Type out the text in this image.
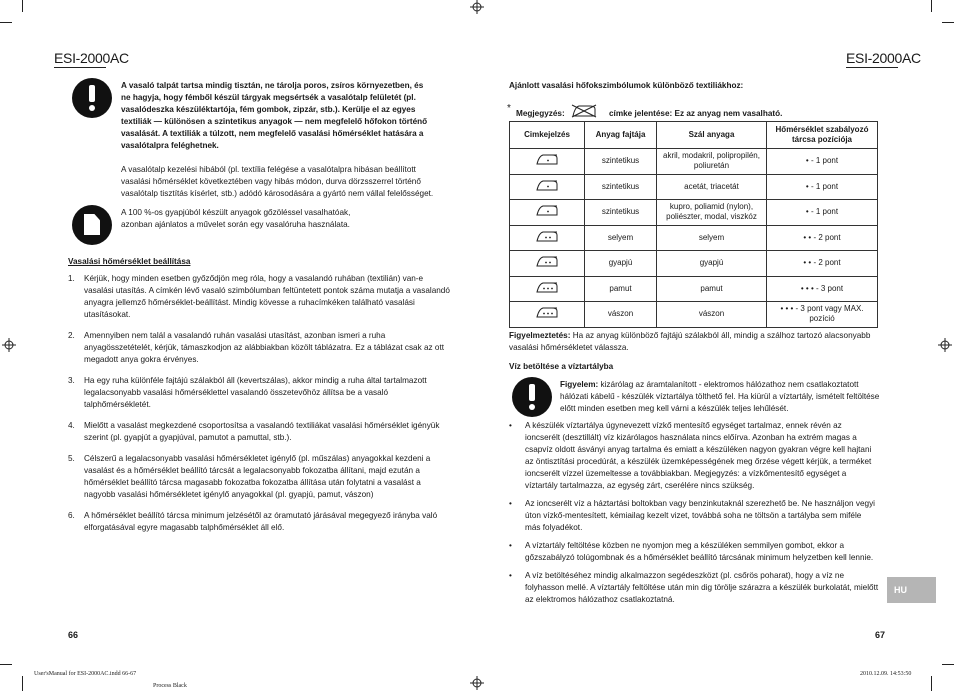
ESI-2000AC	ESI-2000AC
A vasaló talpát tartsa mindig tisztán, ne tárolja poros, zsíros környezetben, és ne hagyja, hogy fémből készül tárgyak megsértsék a vasalótalp felületét (pl. vasalódeszka készüléktartója, fém gombok, zipzár, stb.). Kerülje el az egyes textiliák — különösen a szintetikus anyagok — nem megfelelő hőfokon történő vasalását. A textiliák a túlzott, nem megfelelő vasalási hőmérséklet hatására a vasalótalpra feléghetnek.
A vasalótalp kezelési hibából (pl. textília felégése a vasalótalpra hibásan beállított vasalási hőmérséklet következtében vagy hibás módon, durva dörzsszerrel történő vasalótalp tisztítás kísérlet, stb.) adódó károsodására a gyártó nem vállal felelősséget.
A 100 %-os gyapjúból készült anyagok gőzöléssel vasalhatóak, azonban ajánlatos a művelet során egy vasalóruha használata.
Vasalási hőmérséklet beállítása
1. Kérjük, hogy minden esetben győződjön meg róla, hogy a vasalandó ruhában (textilián) van-e vasalási utasítás. A címkén lévő vasaló szimbólumban feltüntetett pontok száma mutatja a vasalandó anyagra jellemző hőmérséklet-beállítást. Mindig kövesse a ruhacímkéken található vasalási utasításokat.
2. Amennyiben nem talál a vasalandó ruhán vasalási utasítást, azonban ismeri a ruha anyagösszetételét, kérjük, támaszkodjon az alábbiakban közölt táblázatra. Ez a táblázat csak az ott megadott anya gokra érvényes.
3. Ha egy ruha különféle fajtájú szálakból áll (kevertszálas), akkor mindig a ruha által tartalmazott legalacsonyabb vasalási hőmérséklettel vasalandó összetevőhöz állítsa be a vasaló talphőmérsékletét.
4. Mielőtt a vasalást megkezdené csoportosítsa a vasalandó textiliákat vasalási hőmérséklet igényük szerint (pl. gyapjút a gyapjúval, pamutot a pamuttal, stb.).
5. Célszerű a legalacsonyabb vasalási hőmérsékletet igénylő (pl. műszálas) anyagokkal kezdeni a vasalást és a hőmérséklet beállító tárcsát a legalacsonyabb fokozatba állítani, majd ezután a hőmérséklet beállító tárcsa magasabb fokozatba fokozatba állítása után folytatni a vasalást a nagyobb vasalási hőmérsékletet igénylő anyagokkal (pl. gyapjú, pamut, vászon)
6. A hőmérséklet beállító tárcsa minimum jelzésétől az óramutató járásával megegyező irányba való elforgatásával egyre magasabb talphőmérséklet áll elő.
66
Ajánlott vasalási hőfokszimbólumok különböző textiliákhoz:
* Megjegyzés:	címke jelentése: Ez az anyag nem vasalható.
Cimkejelzés	Anyag fajtája	Szál anyaga	Hőmérséklet szabályozó tárcsa pozíciója
	szintetikus	akril, modakril, polipropilén, poliuretán	• - 1 pont
	szintetikus	acetát, triacetát	• - 1 pont
	szintetikus	kupro, poliamid (nylon), poliészter, modal, viszkóz	• - 1 pont
	selyem	selyem	• • - 2 pont
	gyapjú	gyapjú	• • - 2 pont
	pamut	pamut	• • • - 3 pont
	vászon	vászon	• • • - 3 pont vagy MAX. pozíció
Figyelmeztetés: Ha az anyag különböző fajtájú szálakból áll, mindig a szálhoz tartozó alacsonyabb vasalási hőmérsékletet válassza.
Víz betöltése a víztartályba
Figyelem: kizárólag az áramtalanított - elektromos hálózathoz nem csatlakoztatott hálózati kábelű - készülék víztartálya tölthető fel. Ha kiürül a víztartály, ismételt feltöltése előtt minden esetben meg kell várni a készülék teljes lehűlését.
• A készülék víztartálya úgynevezett vízkő mentesítő egységet tartalmaz, ennek révén az ioncserélt (desztillált) víz kizárólagos használata nincs előírva. Azonban ha extrém magas a csapvíz oldott ásványi anyag tartalma és emiatt a készüléken nagyon gyakran végre kell hajtani az öntisztítási procedúrát, a készülék üzemképességének meg őrzése végett kérjük, a terméket ioncserélt vízzel üzemeltesse a továbbiakban. Megjegyzés: a vízkőmentesítő egységet a víztartály tartalmazza, az egység zárt, cserélére nincs szükség.
• Az ioncserélt víz a háztartási boltokban vagy benzinkutaknál szerezhető be. Ne használjon vegyi úton vízkő-mentesített, kémiailag kezelt vizet, továbbá soha ne töltsön a tartályba sem miféle más folyadékot.
• A víztartály feltöltése közben ne nyomjon meg a készüléken semmilyen gombot, ekkor a gőzszabályzó tolúgombnak és a hőmérséklet beállító tárcsának minimum helyzetben kell lennie.
• A víz betöltéséhez mindig alkalmazzon segédeszközt (pl. csőrös poharat), hogy a víz ne folyhasson mellé. A víztartály feltöltése után min dig törölje szárazra a készülék burkolatát, mielőtt az elektromos hálózathoz csatlakoztatná.
HU
67
User'sManual for ESI-2000AC.indd 66-67
Process Black
2010.12.09. 14:53:50
